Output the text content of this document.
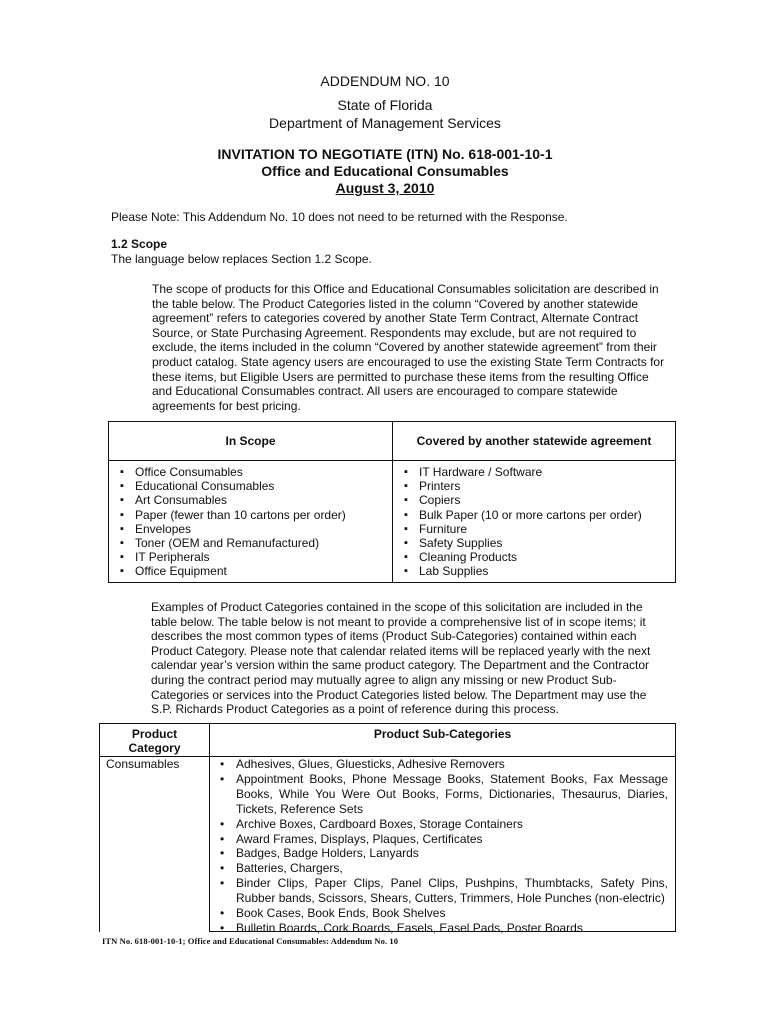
ADDENDUM NO. 10
State of Florida
Department of Management Services
INVITATION TO NEGOTIATE (ITN) No. 618-001-10-1
Office and Educational Consumables
August 3, 2010
Please Note: This Addendum No. 10 does not need to be returned with the Response.
1.2 Scope
The language below replaces Section 1.2 Scope.
The scope of products for this Office and Educational Consumables solicitation are described in
the table below. The Product Categories listed in the column “Covered by another statewide
agreement” refers to categories covered by another State Term Contract, Alternate Contract
Source, or State Purchasing Agreement. Respondents may exclude, but are not required to
exclude, the items included in the column “Covered by another statewide agreement” from their
product catalog. State agency users are encouraged to use the existing State Term Contracts for
these items, but Eligible Users are permitted to purchase these items from the resulting Office
and Educational Consumables contract. All users are encouraged to compare statewide
agreements for best pricing.
In Scope	Covered by another statewide agreement
▪ Office Consumables
▪ Educational Consumables
▪ Art Consumables
▪ Paper (fewer than 10 cartons per order)
▪ Envelopes
▪ Toner (OEM and Remanufactured)
▪ IT Peripherals
▪ Office Equipment
▪ IT Hardware / Software
▪ Printers
▪ Copiers
▪ Bulk Paper (10 or more cartons per order)
▪ Furniture
▪ Safety Supplies
▪ Cleaning Products
▪ Lab Supplies
Examples of Product Categories contained in the scope of this solicitation are included in the
table below. The table below is not meant to provide a comprehensive list of in scope items; it
describes the most common types of items (Product Sub-Categories) contained within each
Product Category. Please note that calendar related items will be replaced yearly with the next
calendar year’s version within the same product category. The Department and the Contractor
during the contract period may mutually agree to align any missing or new Product Sub-
Categories or services into the Product Categories listed below. The Department may use the
S.P. Richards Product Categories as a point of reference during this process.
Product
Category
Product Sub-Categories
Consumables
•	Adhesives, Glues, Gluesticks, Adhesive Removers
• Appointment Books, Phone Message Books, Statement Books, Fax Message Books, While You Were Out Books, Forms, Dictionaries, Thesaurus, Diaries, Tickets, Reference Sets
• Archive Boxes, Cardboard Boxes, Storage Containers
• Award Frames, Displays, Plaques, Certificates
• Badges, Badge Holders, Lanyards
• Batteries, Chargers,
• Binder Clips, Paper Clips, Panel Clips, Pushpins, Thumbtacks, Safety Pins, Rubber bands, Scissors, Shears, Cutters, Trimmers, Hole Punches (non-electric)
• Book Cases, Book Ends, Book Shelves
• Bulletin Boards, Cork Boards, Easels, Easel Pads, Poster Boards
ITN No. 618-001-10-1; Office and Educational Consumables: Addendum No. 10
